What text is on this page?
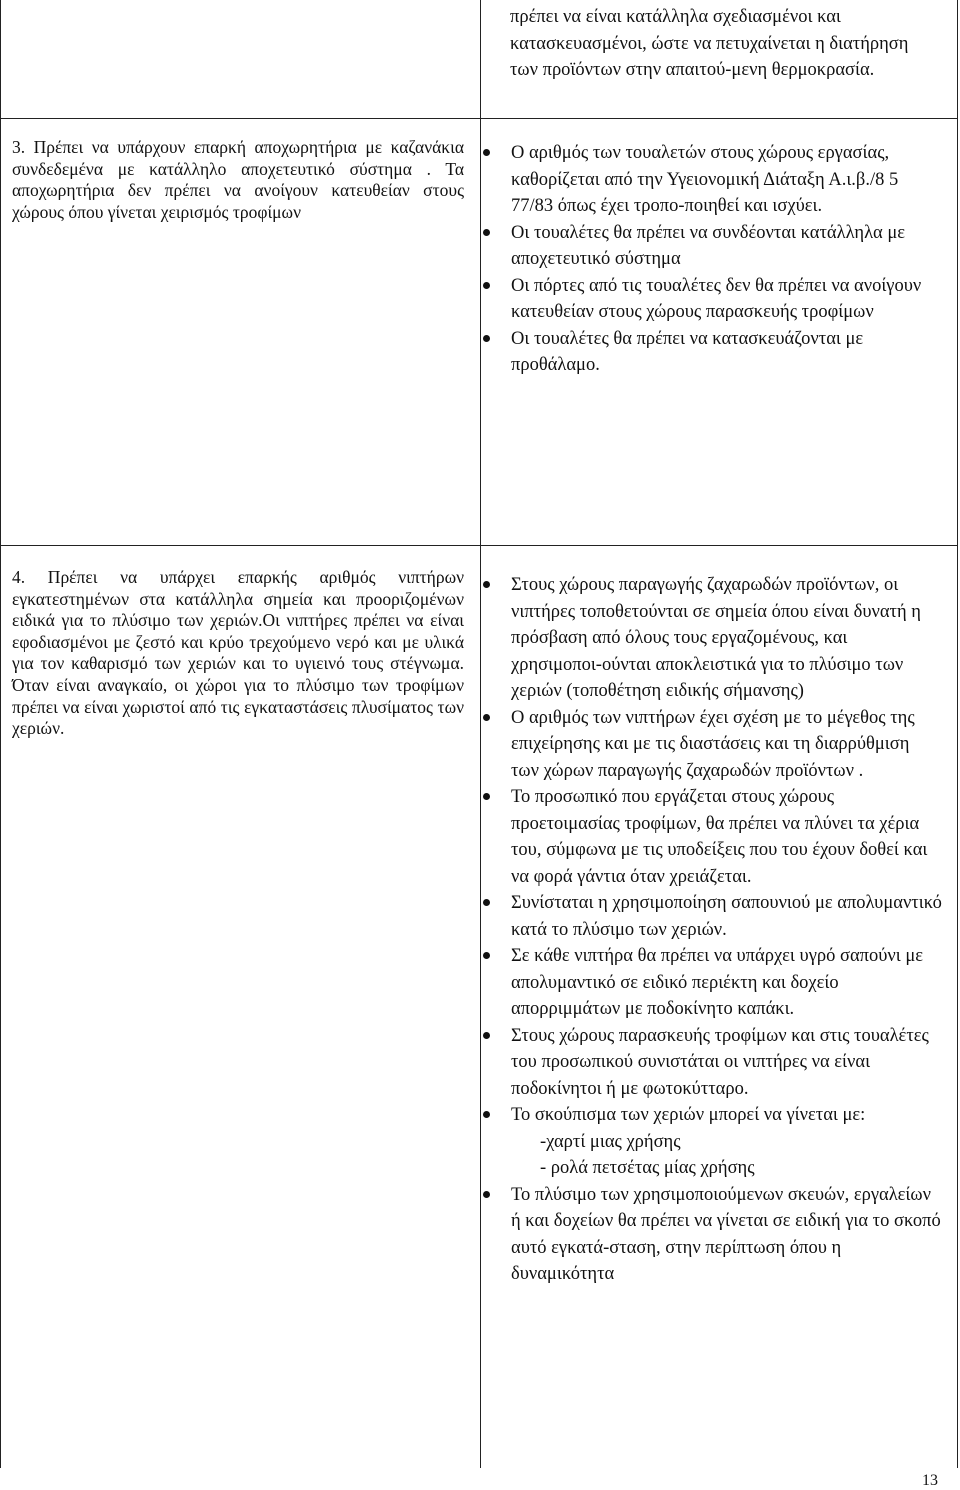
πρέπει να είναι κατάλληλα σχεδιασμένοι και κατασκευασμένοι, ώστε να πετυχαίνεται η διατήρηση των προϊόντων στην απαιτού-μενη θερμοκρασία.

3. Πρέπει να υπάρχουν επαρκή αποχωρητήρια με καζανάκια συνδεδεμένα με κατάλληλο αποχετευτικό σύστημα . Τα αποχωρητήρια δεν πρέπει να ανοίγουν κατευθείαν στους χώρους όπου γίνεται χειρισμός τροφίμων

Ο αριθμός των τουαλετών στους χώρους εργασίας, καθορίζεται από την Υγειονομική Διάταξη Α.ι.β./8 5 77/83 όπως έχει τροπο-ποιηθεί και ισχύει.
Οι τουαλέτες θα πρέπει να συνδέονται κατάλληλα με αποχετευτικό σύστημα
Οι πόρτες από τις τουαλέτες δεν θα πρέπει να ανοίγουν κατευθείαν στους χώρους παρασκευής τροφίμων
Οι τουαλέτες θα πρέπει να κατασκευάζονται με προθάλαμο.

4. Πρέπει να υπάρχει επαρκής αριθμός νιπτήρων εγκατεστημένων στα κατάλληλα σημεία και προοριζομένων ειδικά για το πλύσιμο των χεριών.Οι νιπτήρες πρέπει να είναι εφοδιασμένοι με ζεστό και κρύο τρεχούμενο νερό και με υλικά για τον καθαρισμό των χεριών και το υγιεινό τους στέγνωμα. Όταν είναι αναγκαίο, οι χώροι για το πλύσιμο των τροφίμων πρέπει να είναι χωριστοί από τις εγκαταστάσεις πλυσίματος των χεριών.

Στους χώρους παραγωγής ζαχαρωδών προϊόντων, οι νιπτήρες τοποθετούνται σε σημεία όπου είναι δυνατή η πρόσβαση από όλους τους εργαζομένους, και χρησιμοποι-ούνται αποκλειστικά για το πλύσιμο των χεριών (τοποθέτηση ειδικής σήμανσης)
Ο αριθμός των νιπτήρων έχει σχέση με το μέγεθος της επιχείρησης και με τις διαστάσεις και τη διαρρύθμιση των χώρων παραγωγής ζαχαρωδών προϊόντων .
Το προσωπικό που εργάζεται στους χώρους προετοιμασίας τροφίμων, θα πρέπει να πλύνει τα χέρια του, σύμφωνα με τις υποδείξεις που του έχουν δοθεί και να φορά γάντια όταν χρειάζεται.
Συνίσταται η χρησιμοποίηση σαπουνιού με απολυμαντικό κατά το πλύσιμο των χεριών.
Σε κάθε νιπτήρα θα πρέπει να υπάρχει υγρό σαπούνι με απολυμαντικό σε ειδικό περιέκτη και δοχείο απορριμμάτων με ποδοκίνητο καπάκι.
Στους χώρους παρασκευής τροφίμων και στις τουαλέτες του προσωπικού συνιστάται οι νιπτήρες να είναι ποδοκίνητοι ή με φωτοκύτταρο.
Το σκούπισμα των χεριών μπορεί να γίνεται με:
-χαρτί μιας χρήσης
- ρολά πετσέτας μίας χρήσης
Το πλύσιμο των χρησιμοποιούμενων σκευών, εργαλείων ή και δοχείων θα πρέπει να γίνεται σε ειδική για το σκοπό αυτό εγκατά-σταση, στην περίπτωση όπου η δυναμικότητα
13
